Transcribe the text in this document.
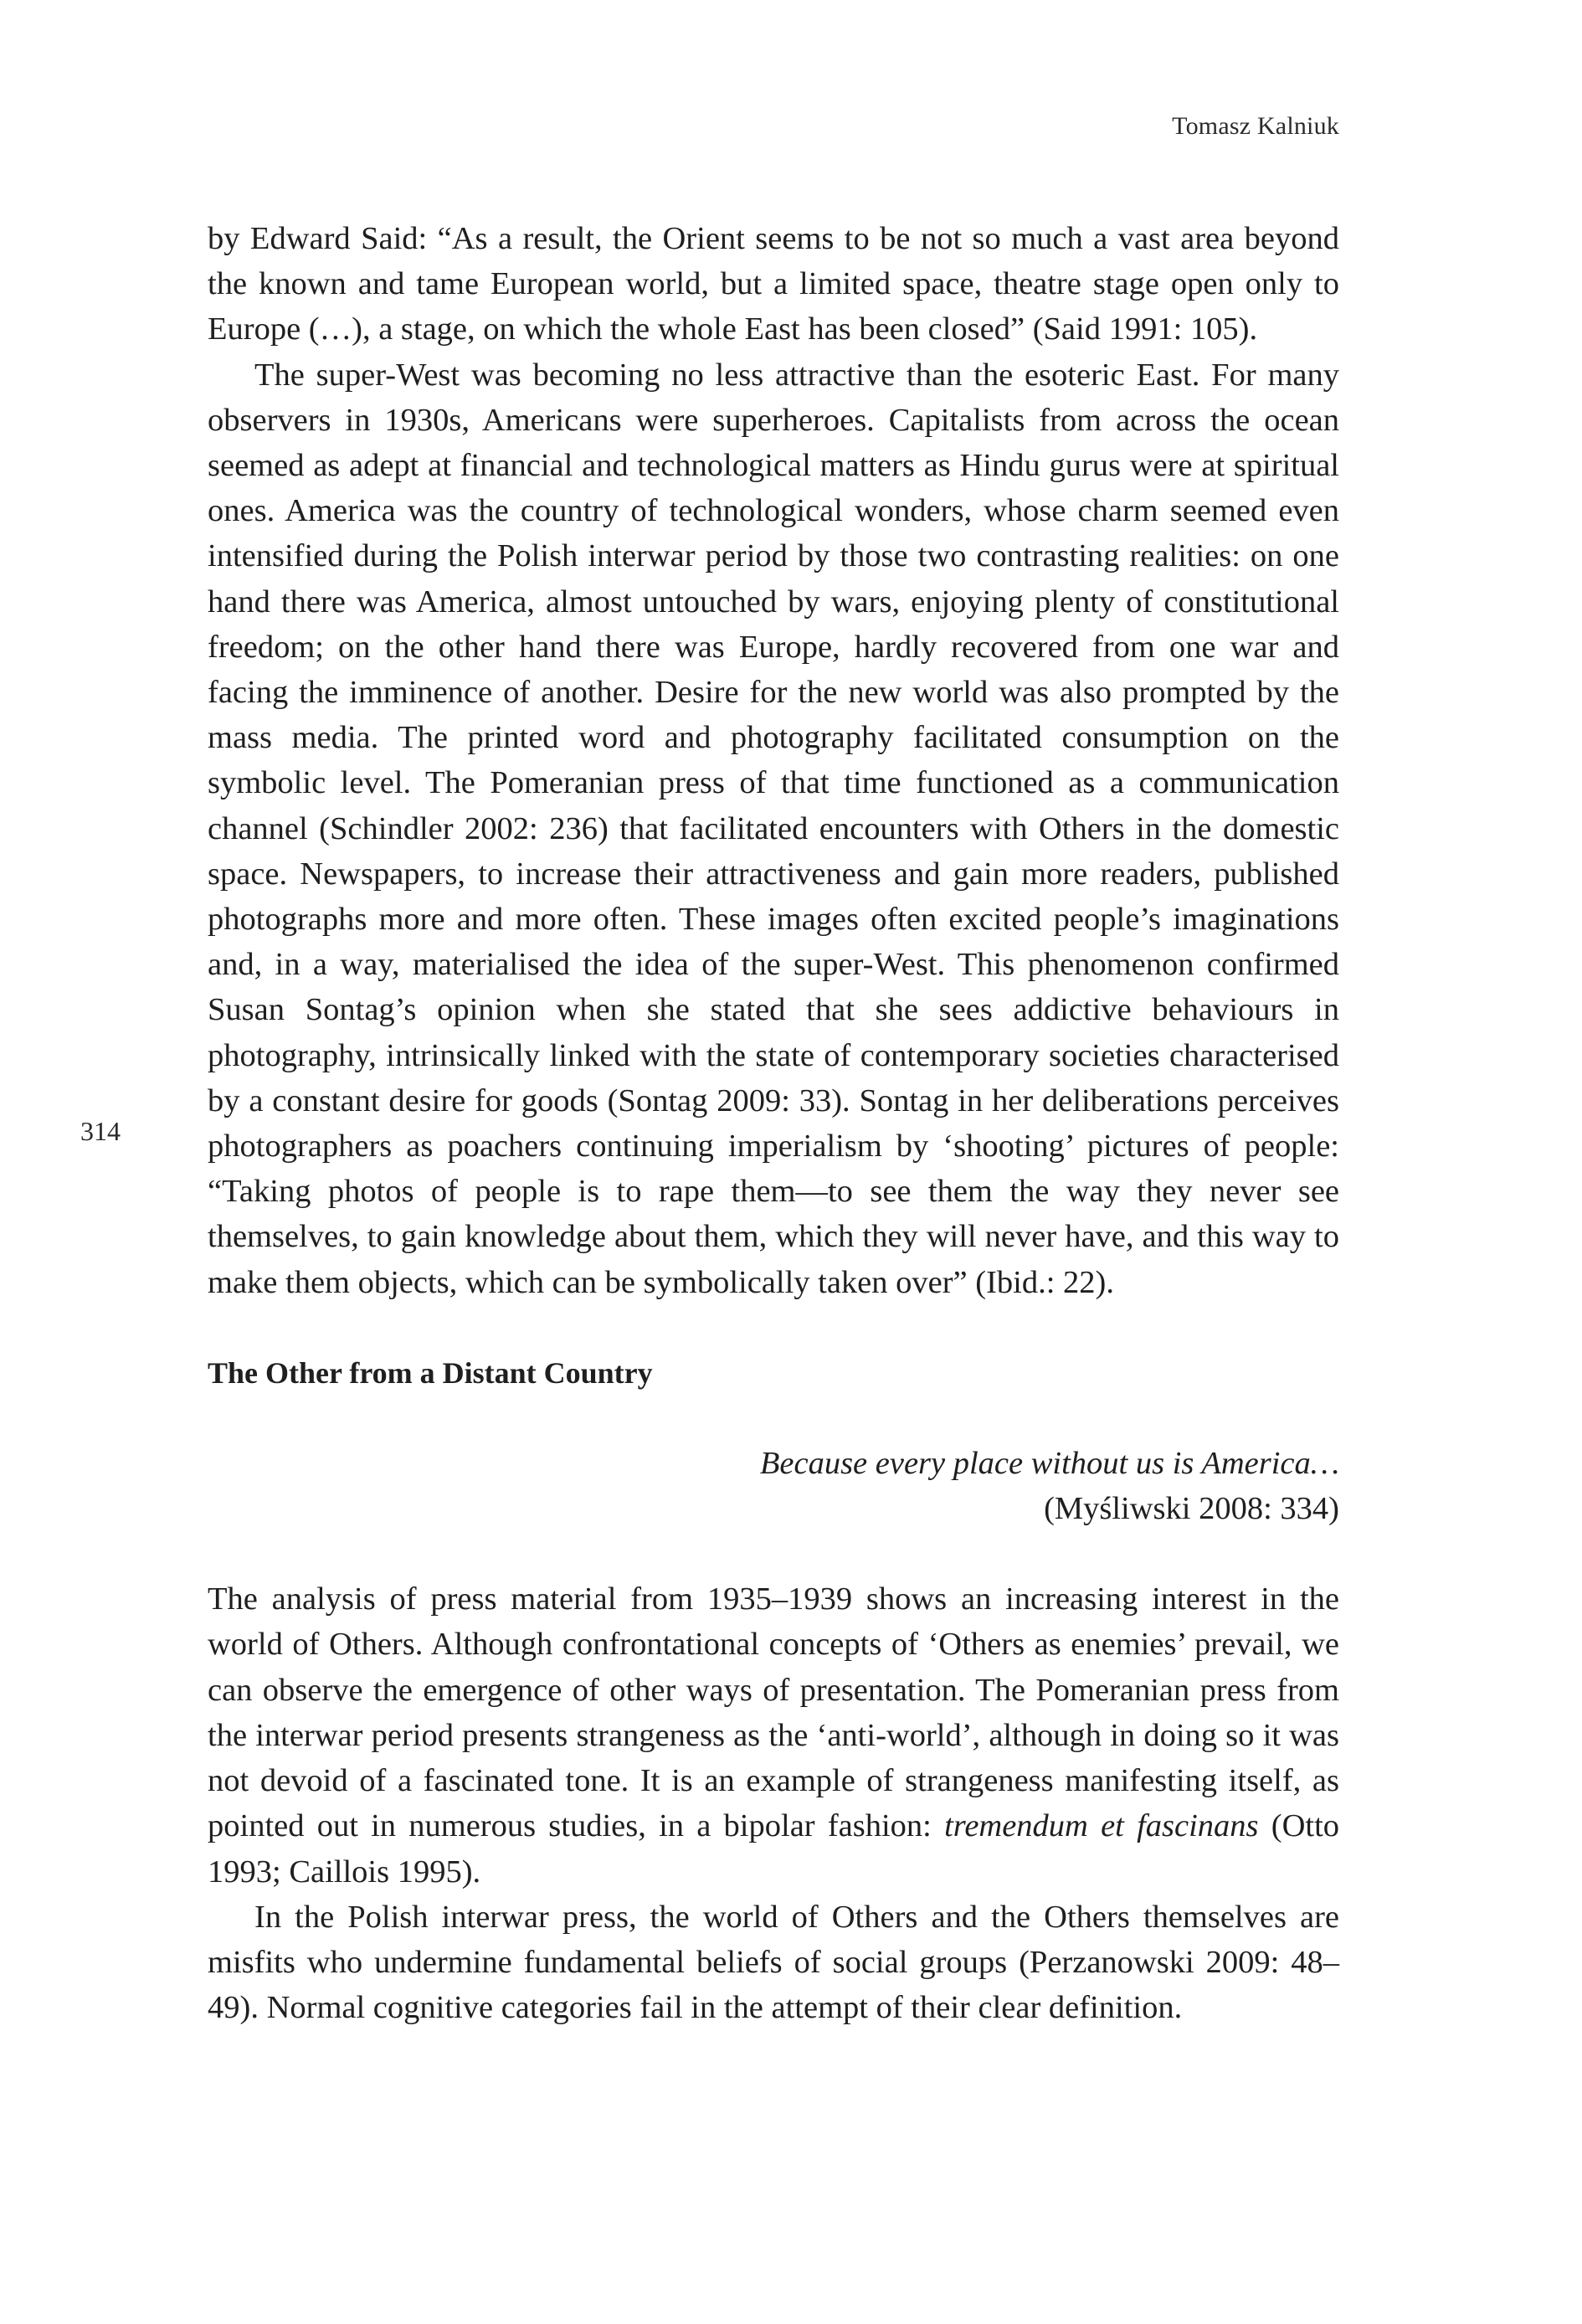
Tomasz Kalniuk
314

by Edward Said: “As a result, the Orient seems to be not so much a vast area beyond the known and tame European world, but a limited space, theatre stage open only to Europe (…), a stage, on which the whole East has been closed” (Said 1991: 105).

The super-West was becoming no less attractive than the esoteric East. For many observers in 1930s, Americans were superheroes. Capitalists from across the ocean seemed as adept at financial and technological matters as Hindu gurus were at spiritual ones. America was the country of technological wonders, whose charm seemed even intensified during the Polish interwar period by those two contrasting realities: on one hand there was America, almost untouched by wars, enjoying plenty of constitutional freedom; on the other hand there was Europe, hardly recovered from one war and facing the imminence of another. Desire for the new world was also prompted by the mass media. The printed word and photography facilitated consumption on the symbolic level. The Pomeranian press of that time functioned as a communication channel (Schindler 2002: 236) that facilitated encounters with Others in the domestic space. Newspapers, to increase their attractiveness and gain more readers, published photographs more and more often. These images often excited people’s imaginations and, in a way, materialised the idea of the super-West. This phenomenon confirmed Susan Sontag’s opinion when she stated that she sees addictive behaviours in photography, intrinsically linked with the state of contemporary societies characterised by a constant desire for goods (Sontag 2009: 33). Sontag in her deliberations perceives photographers as poachers continuing imperialism by ‘shooting’ pictures of people: “Taking photos of people is to rape them—to see them the way they never see themselves, to gain knowledge about them, which they will never have, and this way to make them objects, which can be symbolically taken over” (Ibid.: 22).

The Other from a Distant Country
Because every place without us is America…
(Myśliwski 2008: 334)

The analysis of press material from 1935–1939 shows an increasing interest in the world of Others. Although confrontational concepts of ‘Others as enemies’ prevail, we can observe the emergence of other ways of presentation. The Pomeranian press from the interwar period presents strangeness as the ‘anti-world’, although in doing so it was not devoid of a fascinated tone. It is an example of strangeness manifesting itself, as pointed out in numerous studies, in a bipolar fashion: tremendum et fascinans (Otto 1993; Caillois 1995).

In the Polish interwar press, the world of Others and the Others themselves are misfits who undermine fundamental beliefs of social groups (Perzanowski 2009: 48–49). Normal cognitive categories fail in the attempt of their clear definition.
